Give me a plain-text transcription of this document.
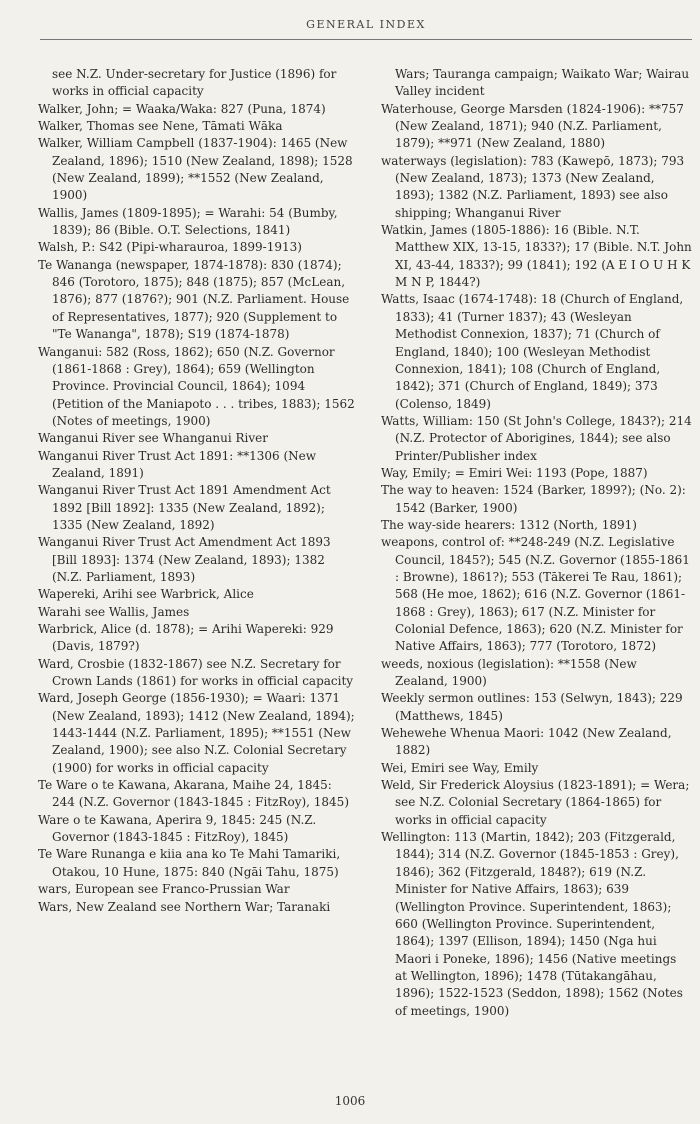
GENERAL INDEX

see N.Z. Under-secretary for Justice (1896) for works in official capacity

Walker, John; = Waaka/Waka: 827 (Puna, 1874)

Walker, Thomas see Nene, Tāmati Wāka

Walker, William Campbell (1837-1904): 1465 (New Zealand, 1896); 1510 (New Zealand, 1898); 1528 (New Zealand, 1899); **1552 (New Zealand, 1900)

Wallis, James (1809-1895); = Warahi: 54 (Bumby, 1839); 86 (Bible. O.T. Selections, 1841)

Walsh, P.: S42 (Pipi-wharauroa, 1899-1913)

Te Wananga (newspaper, 1874-1878): 830 (1874); 846 (Torotoro, 1875); 848 (1875); 857 (McLean, 1876); 877 (1876?); 901 (N.Z. Parliament. House of Representatives, 1877); 920 (Supplement to "Te Wananga", 1878); S19 (1874-1878)

Wanganui: 582 (Ross, 1862); 650 (N.Z. Governor (1861-1868 : Grey), 1864); 659 (Wellington Province. Provincial Council, 1864); 1094 (Petition of the Maniapoto . . . tribes, 1883); 1562 (Notes of meetings, 1900)

Wanganui River see Whanganui River

Wanganui River Trust Act 1891: **1306 (New Zealand, 1891)

Wanganui River Trust Act 1891 Amendment Act 1892 [Bill 1892]: 1335 (New Zealand, 1892); 1335 (New Zealand, 1892)

Wanganui River Trust Act Amendment Act 1893 [Bill 1893]: 1374 (New Zealand, 1893); 1382 (N.Z. Parliament, 1893)

Wapereki, Arihi see Warbrick, Alice

Warahi see Wallis, James

Warbrick, Alice (d. 1878); = Arihi Wapereki: 929 (Davis, 1879?)

Ward, Crosbie (1832-1867) see N.Z. Secretary for Crown Lands (1861) for works in official capacity

Ward, Joseph George (1856-1930); = Waari: 1371 (New Zealand, 1893); 1412 (New Zealand, 1894); 1443-1444 (N.Z. Parliament, 1895); **1551 (New Zealand, 1900); see also N.Z. Colonial Secretary (1900) for works in official capacity

Te Ware o te Kawana, Akarana, Maihe 24, 1845: 244 (N.Z. Governor (1843-1845 : FitzRoy), 1845)

Ware o te Kawana, Aperira 9, 1845: 245 (N.Z. Governor (1843-1845 : FitzRoy), 1845)

Te Ware Runanga e kiia ana ko Te Mahi Tamariki, Otakou, 10 Hune, 1875: 840 (Ngāi Tahu, 1875)

wars, European see Franco-Prussian War

Wars, New Zealand see Northern War; Taranaki

Wars; Tauranga campaign; Waikato War; Wairau Valley incident

Waterhouse, George Marsden (1824-1906): **757 (New Zealand, 1871); 940 (N.Z. Parliament, 1879); **971 (New Zealand, 1880)

waterways (legislation): 783 (Kawepō, 1873); 793 (New Zealand, 1873); 1373 (New Zealand, 1893); 1382 (N.Z. Parliament, 1893) see also shipping; Whanganui River

Watkin, James (1805-1886): 16 (Bible. N.T. Matthew XIX, 13-15, 1833?); 17 (Bible. N.T. John XI, 43-44, 1833?); 99 (1841); 192 (A E I O U H K M N P, 1844?)

Watts, Isaac (1674-1748): 18 (Church of England, 1833); 41 (Turner 1837); 43 (Wesleyan Methodist Connexion, 1837); 71 (Church of England, 1840); 100 (Wesleyan Methodist Connexion, 1841); 108 (Church of England, 1842); 371 (Church of England, 1849); 373 (Colenso, 1849)

Watts, William: 150 (St John's College, 1843?); 214 (N.Z. Protector of Aborigines, 1844); see also Printer/Publisher index

Way, Emily; = Emiri Wei: 1193 (Pope, 1887)

The way to heaven: 1524 (Barker, 1899?); (No. 2): 1542 (Barker, 1900)

The way-side hearers: 1312 (North, 1891)

weapons, control of: **248-249 (N.Z. Legislative Council, 1845?); 545 (N.Z. Governor (1855-1861 : Browne), 1861?); 553 (Tākerei Te Rau, 1861); 568 (He moe, 1862); 616 (N.Z. Governor (1861-1868 : Grey), 1863); 617 (N.Z. Minister for Colonial Defence, 1863); 620 (N.Z. Minister for Native Affairs, 1863); 777 (Torotoro, 1872)

weeds, noxious (legislation): **1558 (New Zealand, 1900)

Weekly sermon outlines: 153 (Selwyn, 1843); 229 (Matthews, 1845)

Wehewehe Whenua Maori: 1042 (New Zealand, 1882)

Wei, Emiri see Way, Emily

Weld, Sir Frederick Aloysius (1823-1891); = Wera; see N.Z. Colonial Secretary (1864-1865) for works in official capacity

Wellington: 113 (Martin, 1842); 203 (Fitzgerald, 1844); 314 (N.Z. Governor (1845-1853 : Grey), 1846); 362 (Fitzgerald, 1848?); 619 (N.Z. Minister for Native Affairs, 1863); 639 (Wellington Province. Superintendent, 1863); 660 (Wellington Province. Superintendent, 1864); 1397 (Ellison, 1894); 1450 (Nga hui Maori i Poneke, 1896); 1456 (Native meetings at Wellington, 1896); 1478 (Tūtakangāhau, 1896); 1522-1523 (Seddon, 1898); 1562 (Notes of meetings, 1900)

1006
